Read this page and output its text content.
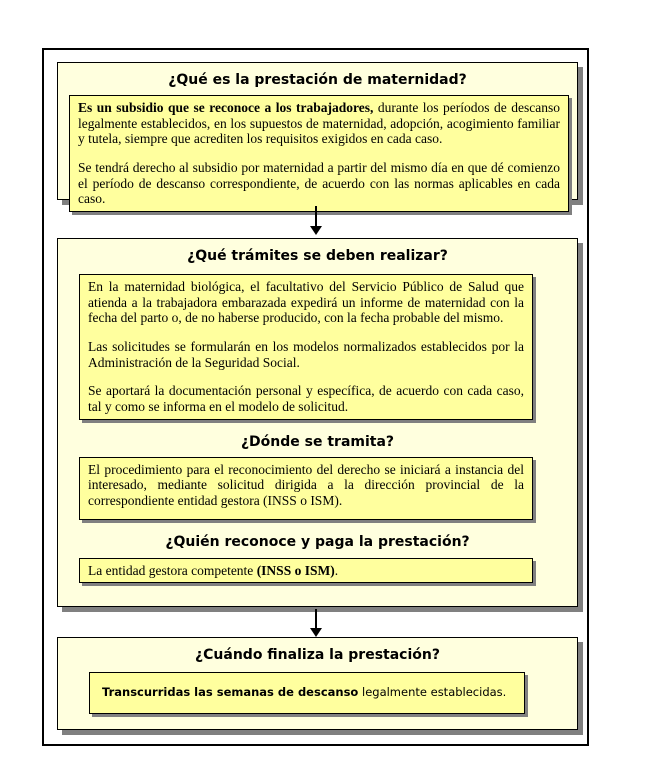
¿Qué es la prestación de maternidad?

Es un subsidio que se reconoce a los trabajadores, durante los períodos de descanso legalmente establecidos, en los supuestos de maternidad, adopción, acogimiento familiar y tutela, siempre que acrediten los requisitos exigidos en cada caso.

Se tendrá derecho al subsidio por maternidad a partir del mismo día en que dé comienzo el período de descanso correspondiente, de acuerdo con las normas aplicables en cada caso.

¿Qué trámites se deben realizar?

En la maternidad biológica, el facultativo del Servicio Público de Salud que atienda a la trabajadora embarazada expedirá un informe de maternidad con la fecha del parto o, de no haberse producido, con la fecha probable del mismo.

Las solicitudes se formularán en los modelos normalizados establecidos por la Administración de la Seguridad Social.

Se aportará la documentación personal y específica, de acuerdo con cada caso, tal y como se informa en el modelo de solicitud.

¿Dónde se tramita?

El procedimiento para el reconocimiento del derecho se iniciará a instancia del interesado, mediante solicitud dirigida a la dirección provincial de la correspondiente entidad gestora (INSS o ISM).

¿Quién reconoce y paga la prestación?

La entidad gestora competente (INSS o ISM).

¿Cuándo finaliza la prestación?

Transcurridas las semanas de descanso legalmente establecidas.
